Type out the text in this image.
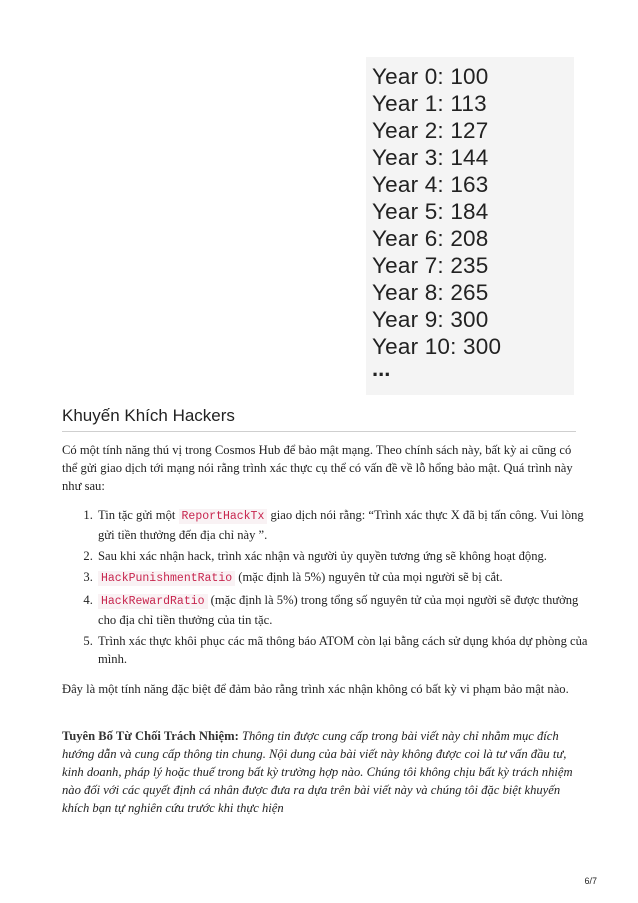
Year 0: 100
Year 1: 113
Year 2: 127
Year 3: 144
Year 4: 163
Year 5: 184
Year 6: 208
Year 7: 235
Year 8: 265
Year 9: 300
Year 10: 300
...
Khuyến Khích Hackers

Có một tính năng thú vị trong Cosmos Hub để bảo mật mạng. Theo chính sách này, bất kỳ ai cũng có thể gửi giao dịch tới mạng nói rằng trình xác thực cụ thể có vấn đề về lỗ hổng bảo mật. Quá trình này như sau:

1. Tin tặc gửi một ReportHackTx giao dịch nói rằng: “Trình xác thực X đã bị tấn công. Vui lòng gửi tiền thưởng đến địa chỉ này ”.
2. Sau khi xác nhận hack, trình xác nhận và người ủy quyền tương ứng sẽ không hoạt động.
3. HackPunishmentRatio (mặc định là 5%) nguyên tử của mọi người sẽ bị cắt.
4. HackRewardRatio (mặc định là 5%) trong tổng số nguyên tử của mọi người sẽ được thưởng cho địa chỉ tiền thưởng của tin tặc.
5. Trình xác thực khôi phục các mã thông báo ATOM còn lại bằng cách sử dụng khóa dự phòng của mình.

Đây là một tính năng đặc biệt để đảm bảo rằng trình xác nhận không có bất kỳ vi phạm bảo mật nào.

Tuyên Bố Từ Chối Trách Nhiệm: Thông tin được cung cấp trong bài viết này chỉ nhằm mục đích hướng dẫn và cung cấp thông tin chung. Nội dung của bài viết này không được coi là tư vấn đầu tư, kinh doanh, pháp lý hoặc thuế trong bất kỳ trường hợp nào. Chúng tôi không chịu bất kỳ trách nhiệm nào đối với các quyết định cá nhân được đưa ra dựa trên bài viết này và chúng tôi đặc biệt khuyến khích bạn tự nghiên cứu trước khi thực hiện

6/7
